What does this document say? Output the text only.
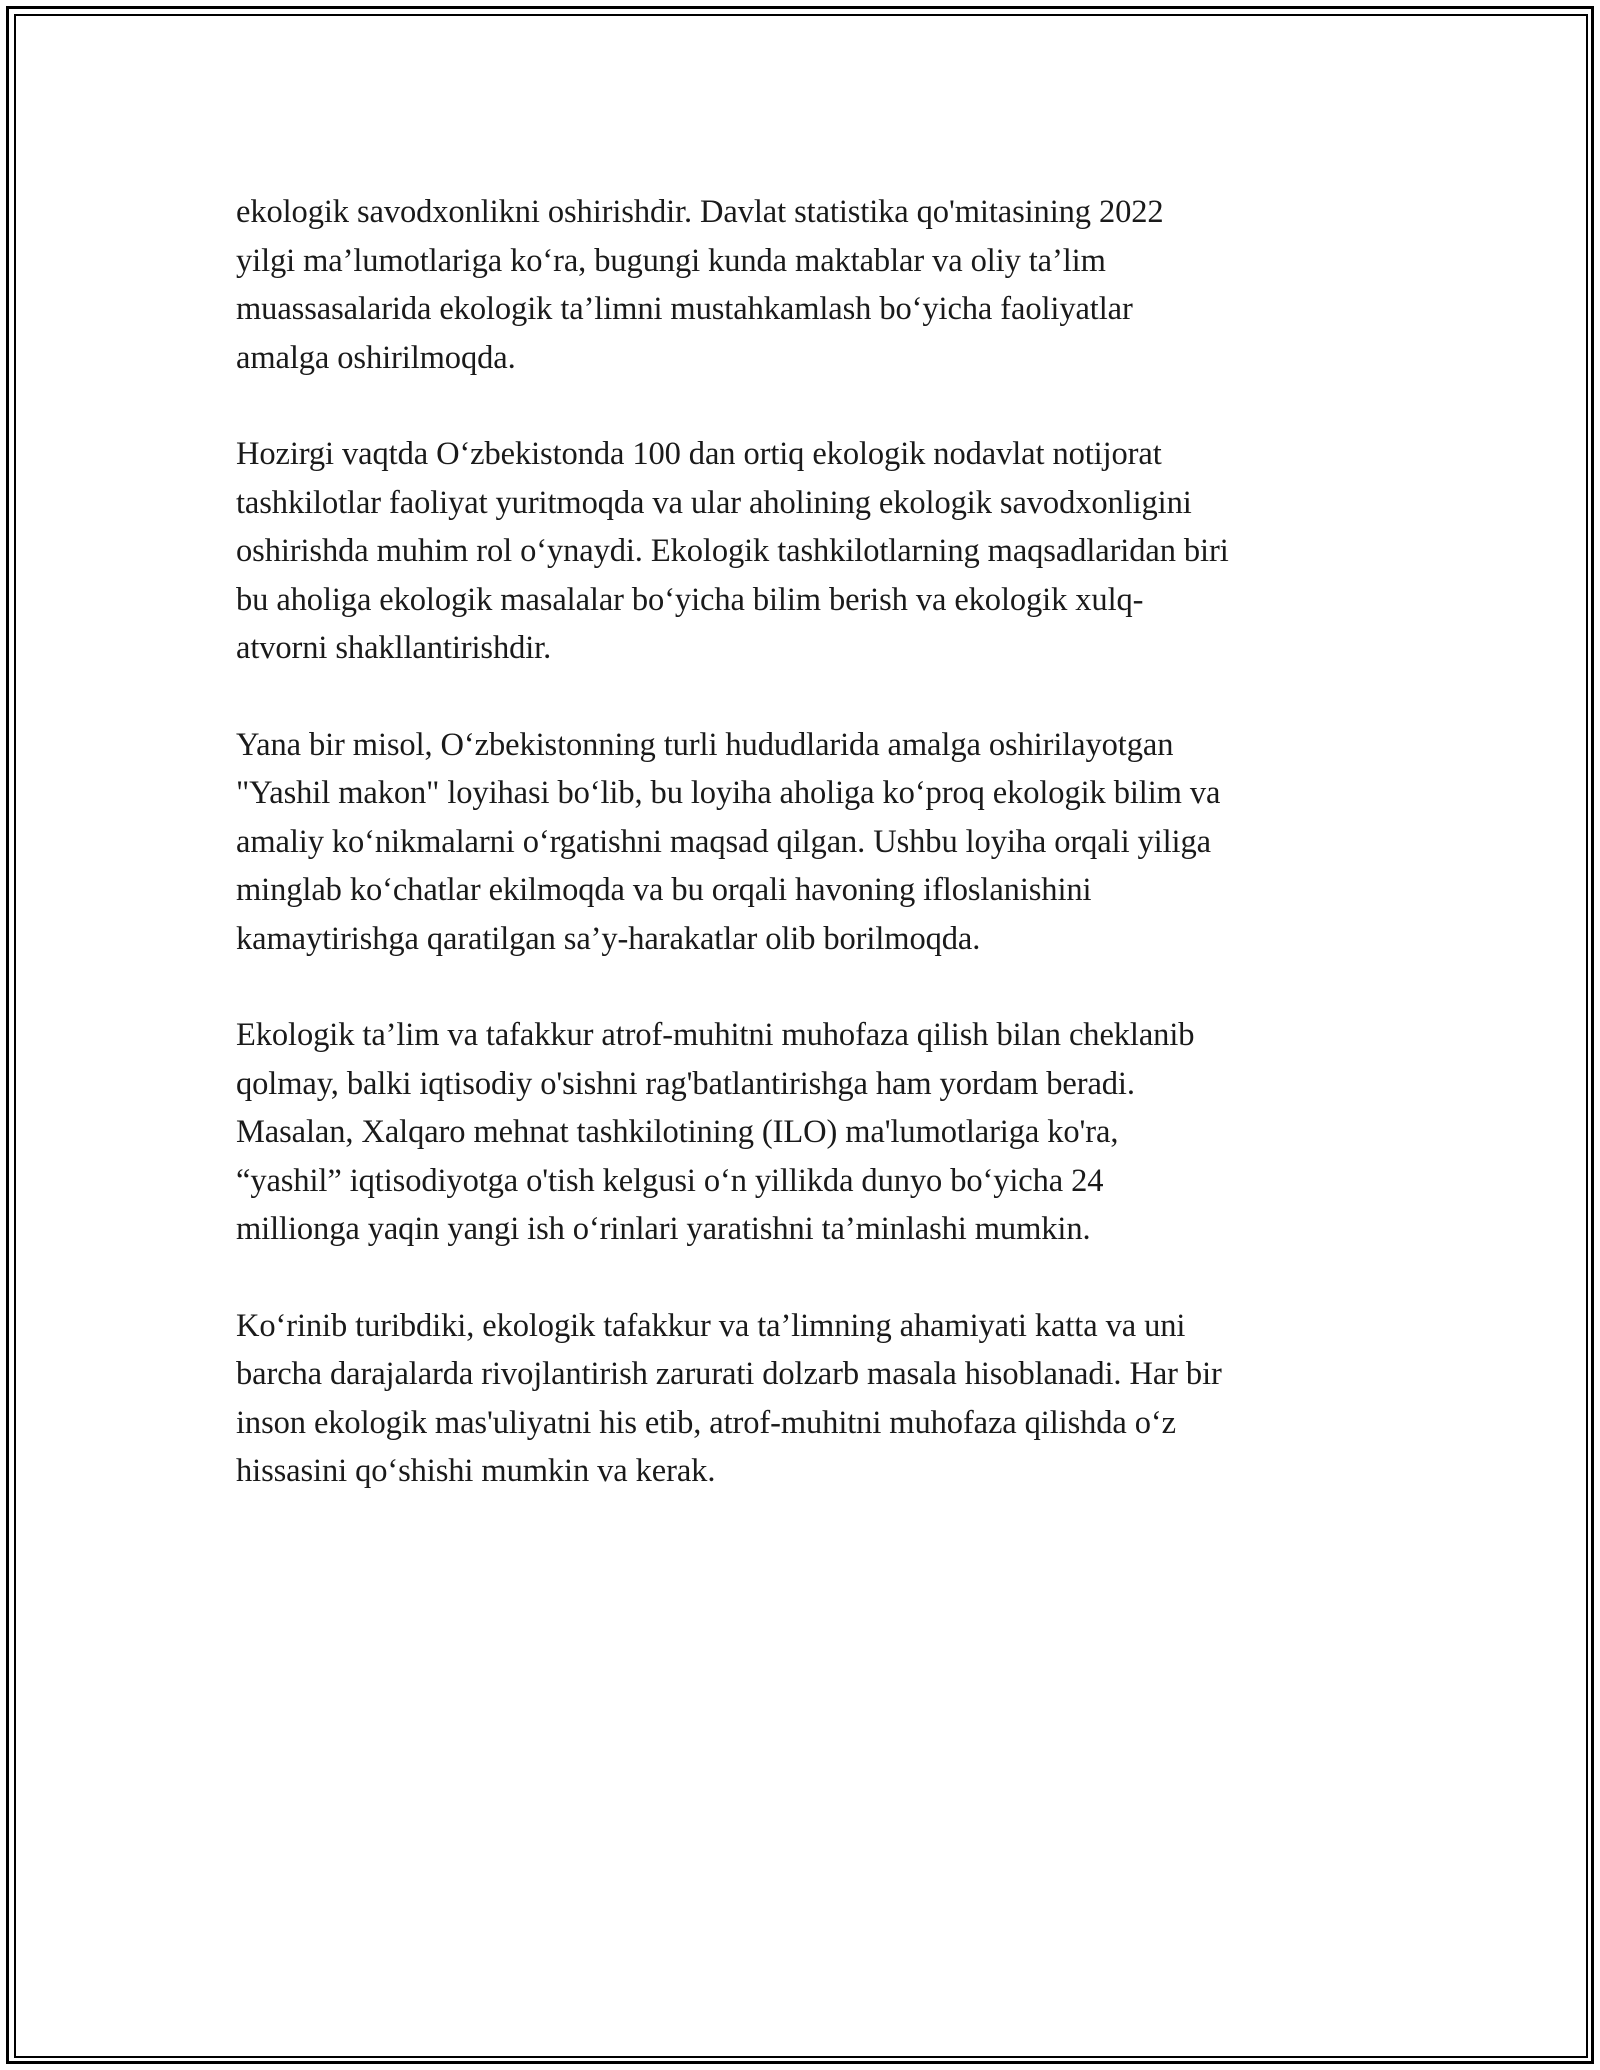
ekologik savodxonlikni oshirishdir. Davlat statistika qo'mitasining 2022
yilgi ma’lumotlariga ko‘ra, bugungi kunda maktablar va oliy ta’lim
muassasalarida ekologik ta’limni mustahkamlash bo‘yicha faoliyatlar
amalga oshirilmoqda.

Hozirgi vaqtda O‘zbekistonda 100 dan ortiq ekologik nodavlat notijorat
tashkilotlar faoliyat yuritmoqda va ular aholining ekologik savodxonligini
oshirishda muhim rol o‘ynaydi. Ekologik tashkilotlarning maqsadlaridan biri
bu aholiga ekologik masalalar bo‘yicha bilim berish va ekologik xulq-
atvorni shakllantirishdir.

Yana bir misol, O‘zbekistonning turli hududlarida amalga oshirilayotgan
"Yashil makon" loyihasi bo‘lib, bu loyiha aholiga ko‘proq ekologik bilim va
amaliy ko‘nikmalarni o‘rgatishni maqsad qilgan. Ushbu loyiha orqali yiliga
minglab ko‘chatlar ekilmoqda va bu orqali havoning ifloslanishini
kamaytirishga qaratilgan sa’y-harakatlar olib borilmoqda.

Ekologik ta’lim va tafakkur atrof-muhitni muhofaza qilish bilan cheklanib
qolmay, balki iqtisodiy o'sishni rag'batlantirishga ham yordam beradi.
Masalan, Xalqaro mehnat tashkilotining (ILO) ma'lumotlariga ko'ra,
“yashil” iqtisodiyotga o'tish kelgusi o‘n yillikda dunyo bo‘yicha 24
millionga yaqin yangi ish o‘rinlari yaratishni ta’minlashi mumkin.

Ko‘rinib turibdiki, ekologik tafakkur va ta’limning ahamiyati katta va uni
barcha darajalarda rivojlantirish zarurati dolzarb masala hisoblanadi. Har bir
inson ekologik mas'uliyatni his etib, atrof-muhitni muhofaza qilishda o‘z
hissasini qo‘shishi mumkin va kerak.
